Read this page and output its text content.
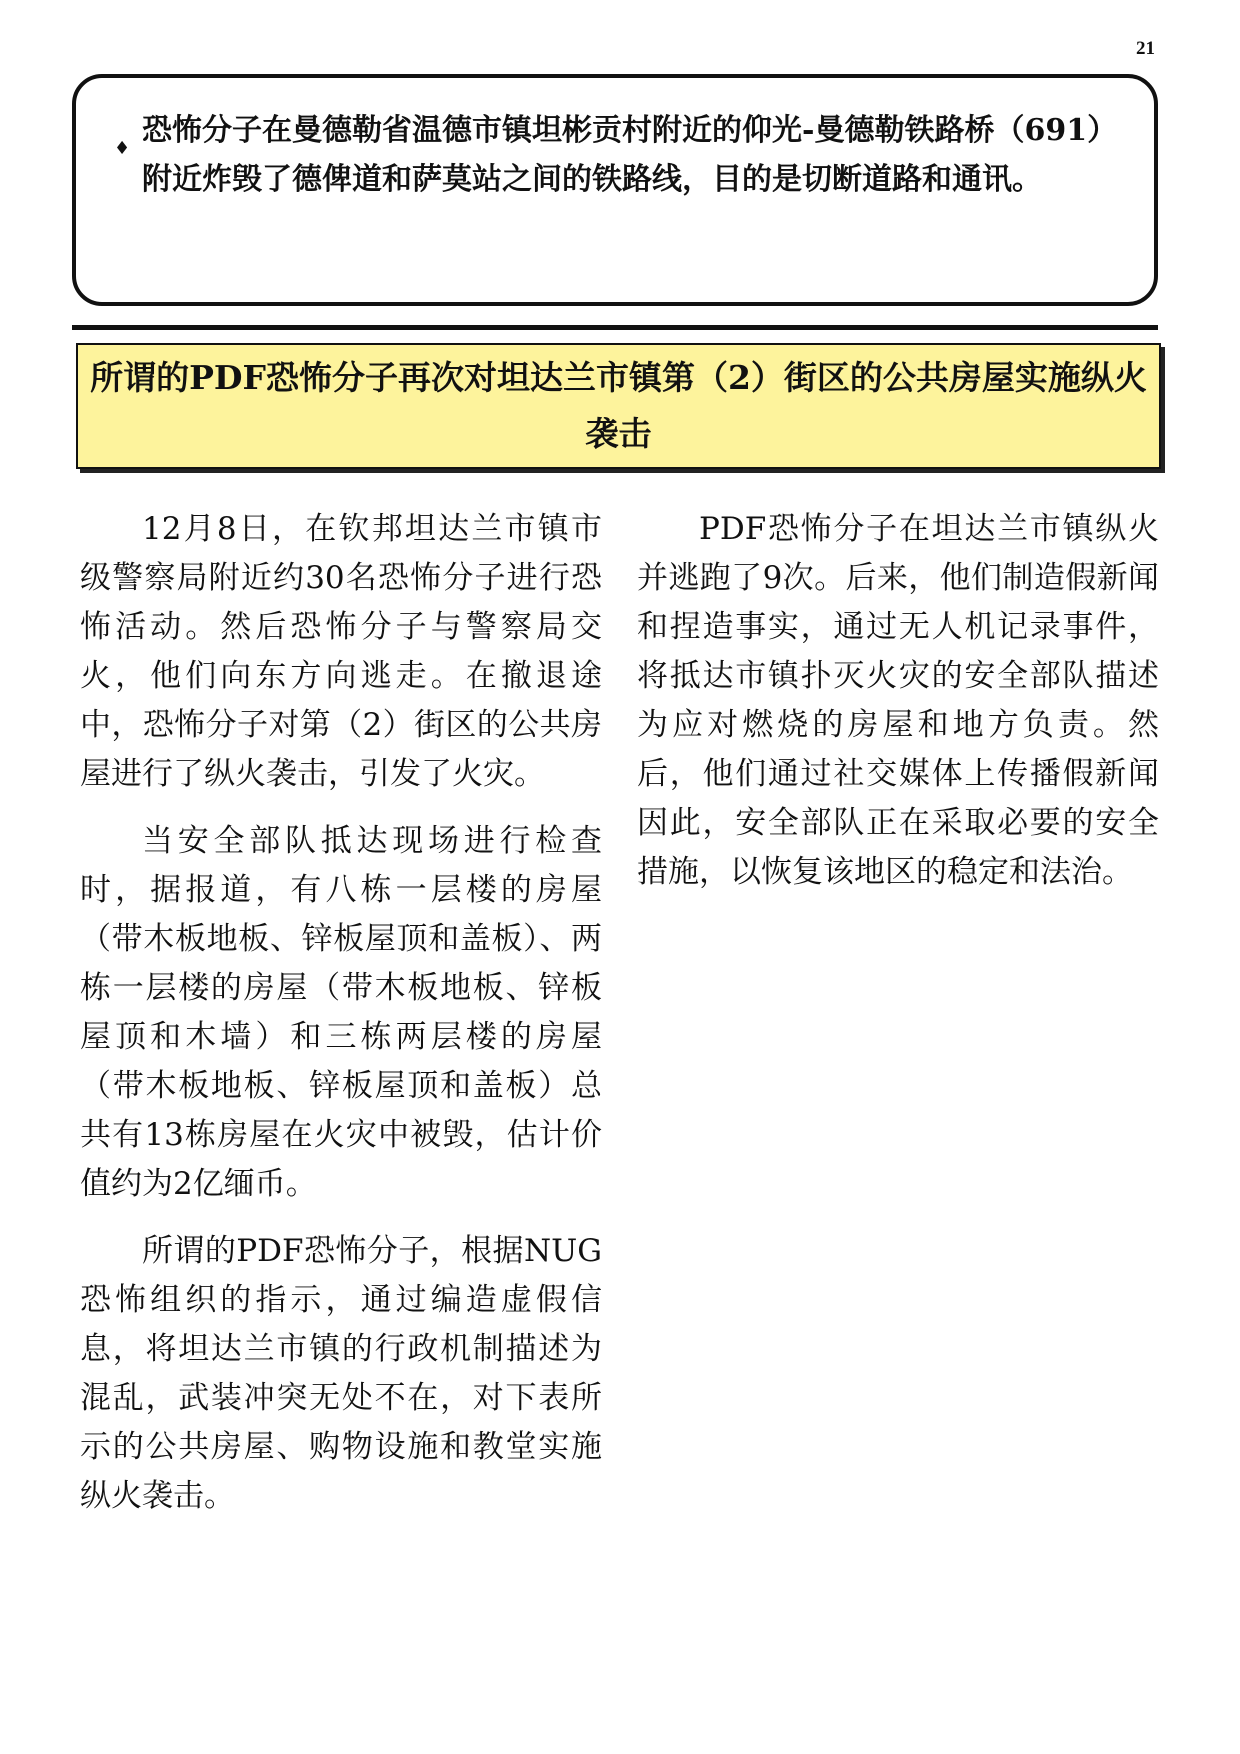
21
♦
恐怖分子在曼德勒省温德市镇坦彬贡村附近的仰光-曼德勒铁路桥（691）附近炸毁了德俾道和萨莫站之间的铁路线，目的是切断道路和通讯。
所谓的PDF恐怖分子再次对坦达兰市镇第（2）街区的公共房屋实施纵火袭击

12月8日，在钦邦坦达兰市镇市级警察局附近约30名恐怖分子进行恐怖活动。然后恐怖分子与警察局交火，他们向东方向逃走。在撤退途中，恐怖分子对第（2）街区的公共房屋进行了纵火袭击，引发了火灾。

当安全部队抵达现场进行检查时，据报道，有八栋一层楼的房屋（带木板地板、锌板屋顶和盖板）、两栋一层楼的房屋（带木板地板、锌板屋顶和木墙）和三栋两层楼的房屋（带木板地板、锌板屋顶和盖板）总共有13栋房屋在火灾中被毁，估计价值约为2亿缅币。

所谓的PDF恐怖分子，根据NUG恐怖组织的指示，通过编造虚假信息，将坦达兰市镇的行政机制描述为混乱，武装冲突无处不在，对下表所示的公共房屋、购物设施和教堂实施纵火袭击。

PDF恐怖分子在坦达兰市镇纵火并逃跑了9次。后来，他们制造假新闻和捏造事实，通过无人机记录事件，将抵达市镇扑灭火灾的安全部队描述为应对燃烧的房屋和地方负责。然后，他们通过社交媒体上传播假新闻因此，安全部队正在采取必要的安全措施，以恢复该地区的稳定和法治。
